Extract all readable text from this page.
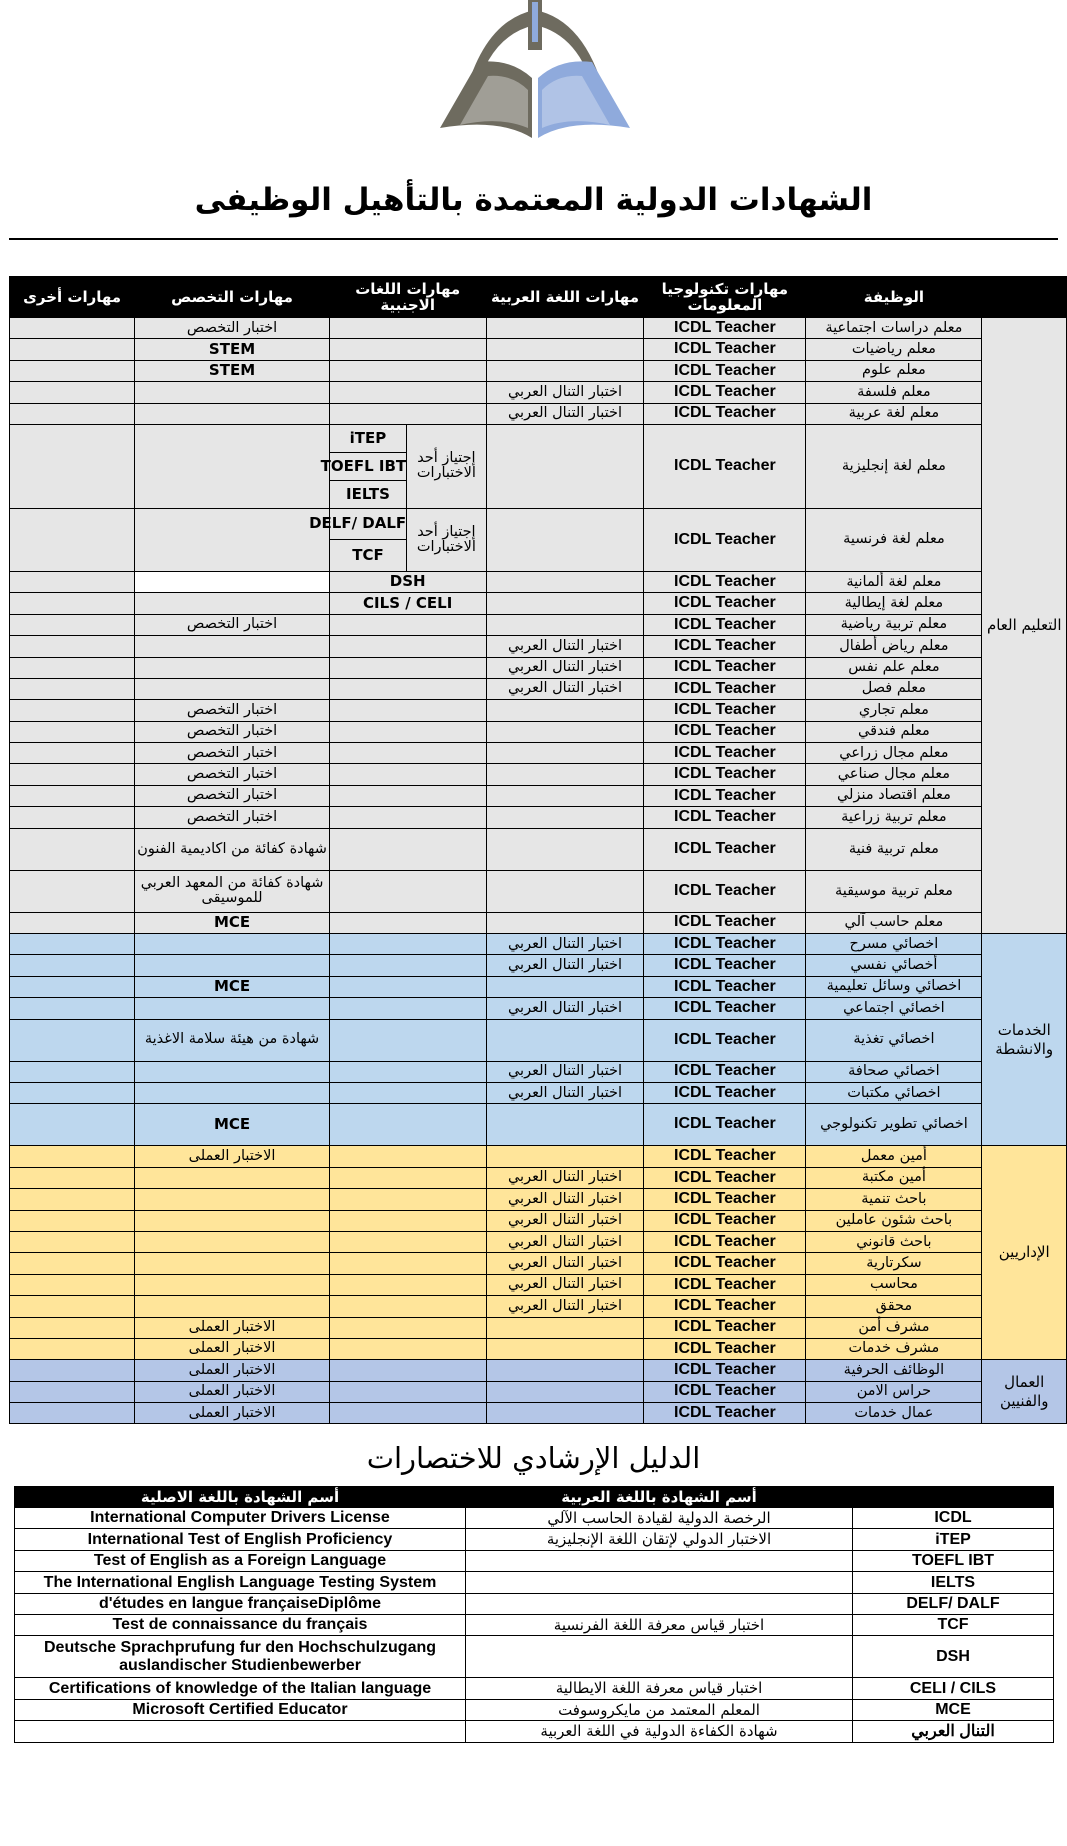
الشهادات الدولية المعتمدة بالتأهيل الوظيفى
	الوظيفة	مهارات تكنولوجيا المعلومات	مهارات اللغة العربية	مهارات اللغات الاجنبية		مهارات التخصص	مهارات أخرى
التعليم العام	معلم دراسات اجتماعية	ICDL Teacher				اختبار التخصص	
	معلم رياضيات	ICDL Teacher				STEM	
	معلم علوم	ICDL Teacher				STEM	
	معلم فلسفة	ICDL Teacher	اختبار التنال العربي				
	معلم لغة عربية	ICDL Teacher	اختبار التنال العربي				
	معلم لغة إنجليزية	ICDL Teacher		إجتياز أحد الاختبارات	iTEP		
					TOEFL IBT		
					IELTS		
	معلم لغة فرنسية	ICDL Teacher		إجتياز أحد الاختبارات	DELF/ DALF		
					TCF		
	معلم لغة ألمانية	ICDL Teacher		DSH			
	معلم لغة إيطالية	ICDL Teacher		CILS / CELI			
	معلم تربية رياضية	ICDL Teacher				اختبار التخصص	
	معلم رياض أطفال	ICDL Teacher	اختبار التنال العربي				
	معلم علم نفس	ICDL Teacher	اختبار التنال العربي				
	معلم فصل	ICDL Teacher	اختبار التنال العربي				
	معلم تجاري	ICDL Teacher				اختبار التخصص	
	معلم فندقي	ICDL Teacher				اختبار التخصص	
	معلم مجال زراعي	ICDL Teacher				اختبار التخصص	
	معلم مجال صناعي	ICDL Teacher				اختبار التخصص	
	معلم اقتصاد منزلي	ICDL Teacher				اختبار التخصص	
	معلم تربية زراعية	ICDL Teacher				اختبار التخصص	
	معلم تربية فنية	ICDL Teacher				شهادة كفائة من اكاديمية الفنون	
	معلم تربية موسيقية	ICDL Teacher				شهادة كفائة من المعهد العربي للموسيقى	
	معلم حاسب آلي	ICDL Teacher				MCE	
الخدمات والانشطة	اخصائي مسرح	ICDL Teacher	اختبار التنال العربي				
	أخصائي نفسي	ICDL Teacher	اختبار التنال العربي				
	اخصائي وسائل تعليمية	ICDL Teacher				MCE	
	اخصائي اجتماعي	ICDL Teacher	اختبار التنال العربي				
	اخصائي تغذية	ICDL Teacher				شهادة من هيئة سلامة الاغذية	
	اخصائي صحافة	ICDL Teacher	اختبار التنال العربي				
	اخصائي مكتبات	ICDL Teacher	اختبار التنال العربي				
	اخصائي تطوير تكنولوجي	ICDL Teacher				MCE	
الإداريين	أمين معمل	ICDL Teacher				الاختبار العملى	
	أمين مكتبة	ICDL Teacher	اختبار التنال العربي				
	باحث تنمية	ICDL Teacher	اختبار التنال العربي				
	باحث شئون عاملين	ICDL Teacher	اختبار التنال العربي				
	باحث قانوني	ICDL Teacher	اختبار التنال العربي				
	سكرتارية	ICDL Teacher	اختبار التنال العربي				
	محاسب	ICDL Teacher	اختبار التنال العربي				
	محقق	ICDL Teacher	اختبار التنال العربي				
	مشرف أمن	ICDL Teacher				الاختبار العملى	
	مشرف خدمات	ICDL Teacher				الاختبار العملى	
العمال والفنيين	الوظائف الحرفية	ICDL Teacher				الاختبار العملى	
	حراس الامن	ICDL Teacher				الاختبار العملى	
	عمال خدمات	ICDL Teacher				الاختبار العملى	
الدليل الإرشادي للاختصارات
	أسم الشهادة باللغة العربية	أسم الشهادة باللغة الاصلية
ICDL	الرخصة الدولية لقيادة الحاسب الآلي	International Computer Drivers License
iTEP	الاختبار الدولي لإتقان اللغة الإنجليزية	International Test of English Proficiency
TOEFL IBT		Test of English as a Foreign Language
IELTS		The International English Language Testing System
DELF/ DALF		d'études en langue françaiseDiplôme
TCF	اختبار قياس معرفة اللغة الفرنسية	Test de connaissance du français
DSH		Deutsche Sprachprufung fur den Hochschulzugang auslandischer Studienbewerber
CELI / CILS	اختبار قياس معرفة اللغة الايطالية	Certifications of knowledge of the Italian language
MCE	المعلم المعتمد من مايكروسوفت	Microsoft Certified Educator
التنال العربي	شهادة الكفاءة الدولية في اللغة العربية	
